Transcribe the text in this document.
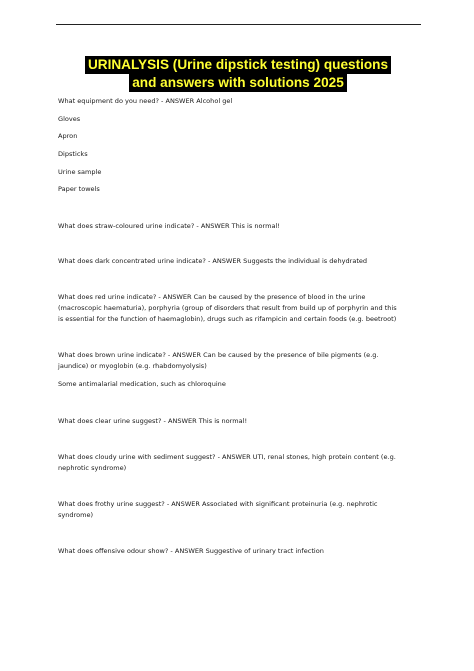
URINALYSIS (Urine dipstick testing) questions
and answers with solutions 2025
What equipment do you need? - ANSWER Alcohol gel
Gloves
Apron
Dipsticks
Urine sample
Paper towels
What does straw-coloured urine indicate? - ANSWER This is normal!
What does dark concentrated urine indicate? - ANSWER Suggests the individual is dehydrated
What does red urine indicate? - ANSWER Can be caused by the presence of blood in the urine
(macroscopic haematuria), porphyria (group of disorders that result from build up of porphyrin and this
is essential for the function of haemaglobin), drugs such as rifampicin and certain foods (e.g. beetroot)
What does brown urine indicate? - ANSWER Can be caused by the presence of bile pigments (e.g.
jaundice) or myoglobin (e.g. rhabdomyolysis)
Some antimalarial medication, such as chloroquine
What does clear urine suggest? - ANSWER This is normal!
What does cloudy urine with sediment suggest? - ANSWER UTI, renal stones, high protein content (e.g.
nephrotic syndrome)
What does frothy urine suggest? - ANSWER Associated with significant proteinuria (e.g. nephrotic
syndrome)
What does offensive odour show? - ANSWER Suggestive of urinary tract infection
